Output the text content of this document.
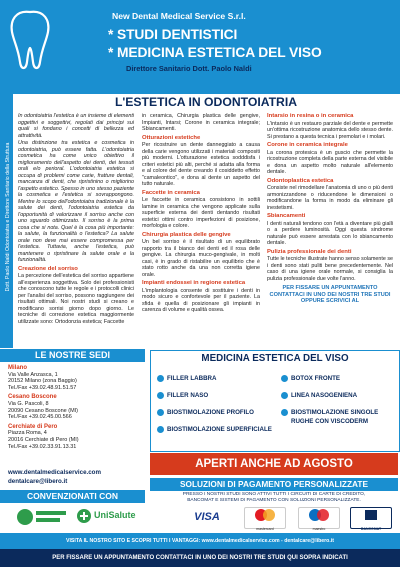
New Dental Medical Service S.r.l.
* STUDI DENTISTICI
* MEDICINA ESTETICA DEL VISO
Direttore Sanitario Dott. Paolo Naldi
Dott. Paolo Naldi Odontoiatra e Direttore Sanitario della Struttura
L'ESTETICA IN ODONTOIATRIA

In odontoiatria l'estetica è un insieme di elementi oggettivi e soggettivi, regolati dai principi sui quali si fondano i concetti di bellezza ed attrattività.

Una distinzione tra estetica e cosmetica in odontoiatria, può essere fatta. L'odontoiatria cosmetica ha come unico obiettivo il miglioramento dell'aspetto dei denti, dei tessuti orali e/o perioral. L'odontoiatria estetica si occupa di problemi come carie, fratture dentali, mancanza di denti, che ripristinino o migliorino l'aspetto estetico. Spesso in uno stesso paziente la cosmetica e l'estetica si sovrappongono. Mentre lo scopo dell'odontoiatra tradizionale è la salute dei denti, l'odontoiatria estetica da l'opportunità di valorizzare il sorriso anche con uno sguardo ottimizzato. Il sorriso è la prima cosa che si nota. Quel è la cosa più importante: la salute, la funzionalità o l'estetica? La salute orale non deve mai essere compromessa per l'estetica. Tuttavia, anche l'estetica, può mantenere o ripristinare la salute orale e la funzionalità.

Creazione del sorriso

La percezione dell'estetica del sorriso appartiene all'esperienza soggettiva. Solo dei professionisti che conoscono tutte le regole e i protocolli clinici per l'analisi del sorriso, possono raggiungere dei risultati ottimali. Noi nostri studi si creano e modificano sorrisi giorno dopo giorno. Le tecniche di correzione estetica maggiormente utilizzate sono: Ortodonzia estetica; Faccette

in ceramica, Chirurgia plastica delle gengive, Impianti, Intarsi; Corone in ceramica integrale; Sbiancamenti.

Otturazioni estetiche

Per ricostruire un dente danneggiato a causa della carie vengono utilizzati i materiali compositi più moderni. L'otturazione estetica sodddisfa i criteri estetici più alti, perché si adatta alla forma e al colore del dente creando il cosiddetto effetto "camaleontico", e dona al dente un aspetto del tutto naturale.

Faccette in ceramica

Le faccette in ceramica consistono in sottili lamine in ceramica che vengono applicate sulla superficie esterna dei denti dentando risultati estetici ottimi contro imperfezioni di posizione, morfologia e colore.

Chirurgia plastica delle gengive

Un bel sorriso è il risultato di un equilibrato rapporto tra il bianco dei denti ed il rosa delle gengive. La chirurgia muco-gengivale, in molti casi, è in grado di ristabilire un equilibrio che è stato rotto anche da una non corretta igiene orale.

Impianti endossei in regione estetica

L'implantologia consente di sostituire i denti in modo sicuro e confortevole per il paziente. La sfida è quella di posizionare gli impianti in carenza di volume e qualità ossea.

Intarsio in resina o in ceramica

L'intarsio è un restauro parziale del dente e permette un'ottima ricostruzione anatomica dello stesso dente. Si prestano a questa tecnica i premolari e i molari.

Corone in ceramica integrale

La corona protesica è un guscio che permette la ricostruzione completa della parte esterna del visibile e dona un aspetto molto naturale all'elemento dentale.

Odontoplastica estetica

Consiste nel rimodellare l'anatomia di uno o più denti armonizzandone o riducendone le dimensioni o modificandone la forma in modo da eliminare gli inestetismi.

Sbiancamenti

I denti naturali tendono con l'età a diventare più gialli o a perdere luminosità. Oggi questa sindrome naturale può essere arrestata con lo sbiancamento dentale.

Pulizia professionale dei denti

Tutte le tecniche illustrate hanno senso solamente se i denti sono stati puliti bene precedentemente. Nel caso di una igiene orale normale, si consiglia la pulizia professionale due volte l'anno.

PER FISSARE UN APPUNTAMENTO CONTATTACI IN UNO DEI NOSTRI TRE STUDI OPPURE SCRIVICI AL

LE NOSTRE SEDI
Milano
Via Valle Anzasca, 1
20152 Milano (zona Baggio)
Tel./Fax +39.02.48.91.51.57
Cesano Boscone
Via G. Pascoli, 8
20090 Cesano Boscone (MI)
Tel./Fax +39.02.45.00.566
Cerchiate di Pero
Piazza Roma, 4
20016 Cerchiate di Pero (MI)
Tel./Fax +39.02.33.91.13.31
www.dentalmedicalservice.com
dentalcare@libero.it
CONVENZIONATI CON
UniSalute
MEDICINA ESTETICA DEL VISO
FILLER LABBRA
FILLER NASO
BIOSTIMOLAZIONE PROFILO
BIOSTIMOLAZIONE SUPERFICIALE
BOTOX FRONTE
LINEA NASOGENIENA
BIOSTIMOLAZIONE SINGOLE
RUGHE CON VISCODERM
APERTI ANCHE AD AGOSTO
SOLUZIONI DI PAGAMENTO PERSONALIZZATE
PRESSO I NOSTRI STUDI SONO ATTIVI TUTTI I CIRCUITI DI CARTE DI CREDITO,
BANCOMAT E SISTEMI DI PAGAMENTO CON SOLUZIONI PERSONALIZZATE.
VISA
mastercard	maestro	BANCOMAT
VISITA IL NOSTRO SITO E SCOPRI TUTTI I VANTAGGI: www.dentalmedicalservice.com - dentalcare@libero.it
PER FISSARE UN APPUNTAMENTO CONTATTACI IN UNO DEI NOSTRI TRE STUDI QUI SOPRA INDICATI
